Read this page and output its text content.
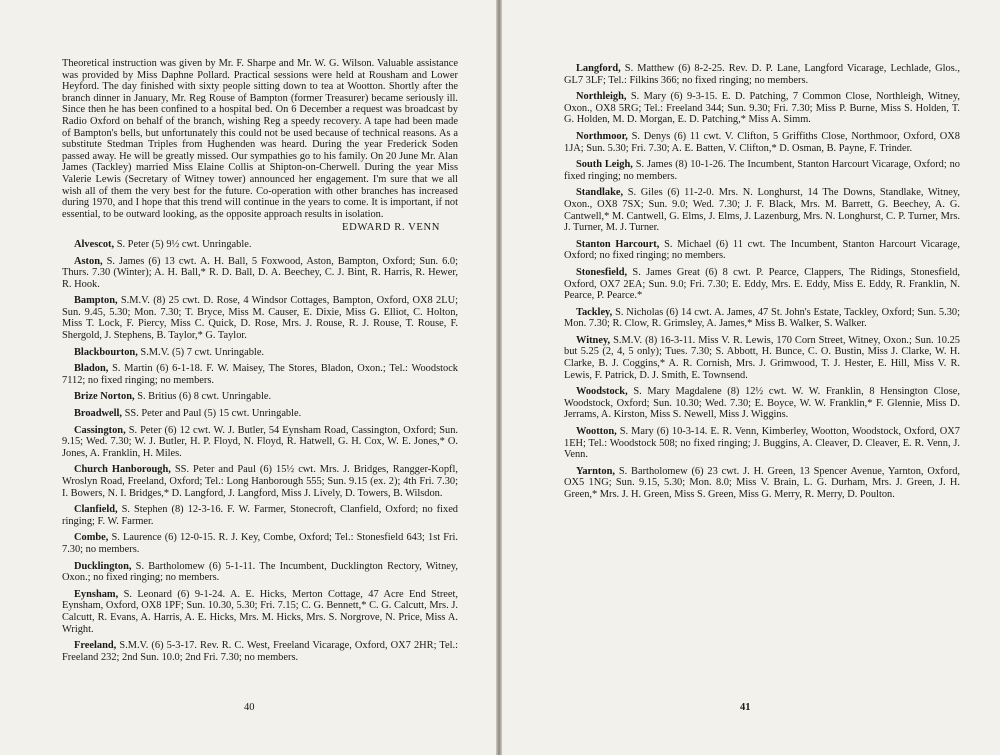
Theoretical instruction was given by Mr. F. Sharpe and Mr. W. G. Wilson. Valuable assistance was provided by Miss Daphne Pollard. Practical sessions were held at Rousham and Lower Heyford. The day finished with sixty people sitting down to tea at Wootton. Shortly after the branch dinner in January, Mr. Reg Rouse of Bampton (former Treasurer) became seriously ill. Since then he has been confined to a hospital bed. On 6 December a request was broadcast by Radio Oxford on behalf of the branch, wishing Reg a speedy recovery. A tape had been made of Bampton's bells, but unfortunately this could not be used because of technical reasons. As a substitute Stedman Triples from Hughenden was heard. During the year Frederick Soden passed away. He will be greatly missed. Our sympathies go to his family. On 20 June Mr. Alan James (Tackley) married Miss Elaine Collis at Shipton-on-Cherwell. During the year Miss Valerie Lewis (Secretary of Witney tower) announced her engagement. I'm sure that we all wish all of them the very best for the future. Co-operation with other branches has increased during 1970, and I hope that this trend will continue in the years to come. It is important, if not essential, to be outward looking, as the opposite approach results in isolation.

EDWARD R. VENN

Alvescot, S. Peter (5) 9½ cwt. Unringable.

Aston, S. James (6) 13 cwt. A. H. Ball, 5 Foxwood, Aston, Bampton, Oxford; Sun. 6.0; Thurs. 7.30 (Winter); A. H. Ball,* R. D. Ball, D. A. Beechey, C. J. Bint, R. Harris, R. Hewer, R. Hook.

Bampton, S.M.V. (8) 25 cwt. D. Rose, 4 Windsor Cottages, Bampton, Oxford, OX8 2LU; Sun. 9.45, 5.30; Mon. 7.30; T. Bryce, Miss M. Causer, E. Dixie, Miss G. Elliot, C. Holton, Miss T. Lock, F. Piercy, Miss C. Quick, D. Rose, Mrs. J. Rouse, R. J. Rouse, T. Rouse, F. Shergold, J. Stephens, B. Taylor,* G. Taylor.

Blackbourton, S.M.V. (5) 7 cwt. Unringable.

Bladon, S. Martin (6) 6-1-18. F. W. Maisey, The Stores, Bladon, Oxon.; Tel.: Woodstock 7112; no fixed ringing; no members.

Brize Norton, S. Britius (6) 8 cwt. Unringable.

Broadwell, SS. Peter and Paul (5) 15 cwt. Unringable.

Cassington, S. Peter (6) 12 cwt. W. J. Butler, 54 Eynsham Road, Cassington, Oxford; Sun. 9.15; Wed. 7.30; W. J. Butler, H. P. Floyd, N. Floyd, R. Hatwell, G. H. Cox, W. E. Jones,* O. Jones, A. Franklin, H. Miles.

Church Hanborough, SS. Peter and Paul (6) 15½ cwt. Mrs. J. Bridges, Rangger-Kopfl, Wroslyn Road, Freeland, Oxford; Tel.: Long Hanborough 555; Sun. 9.15 (ex. 2); 4th Fri. 7.30; I. Bowers, N. I. Bridges,* D. Langford, J. Langford, Miss J. Lively, D. Towers, B. Wilsdon.

Clanfield, S. Stephen (8) 12-3-16. F. W. Farmer, Stonecroft, Clanfield, Oxford; no fixed ringing; F. W. Farmer.

Combe, S. Laurence (6) 12-0-15. R. J. Key, Combe, Oxford; Tel.: Stonesfield 643; 1st Fri. 7.30; no members.

Ducklington, S. Bartholomew (6) 5-1-11. The Incumbent, Ducklington Rectory, Witney, Oxon.; no fixed ringing; no members.

Eynsham, S. Leonard (6) 9-1-24. A. E. Hicks, Merton Cottage, 47 Acre End Street, Eynsham, Oxford, OX8 1PF; Sun. 10.30, 5.30; Fri. 7.15; C. G. Bennett,* C. G. Calcutt, Mrs. J. Calcutt, R. Evans, A. Harris, A. E. Hicks, Mrs. M. Hicks, Mrs. S. Norgrove, N. Price, Miss A. Wright.

Freeland, S.M.V. (6) 5-3-17. Rev. R. C. West, Freeland Vicarage, Oxford, OX7 2HR; Tel.: Freeland 232; 2nd Sun. 10.0; 2nd Fri. 7.30; no members.

40

Langford, S. Matthew (6) 8-2-25. Rev. D. P. Lane, Langford Vicarage, Lechlade, Glos., GL7 3LF; Tel.: Filkins 366; no fixed ringing; no members.

Northleigh, S. Mary (6) 9-3-15. E. D. Patching, 7 Common Close, Northleigh, Witney, Oxon., OX8 5RG; Tel.: Freeland 344; Sun. 9.30; Fri. 7.30; Miss P. Burne, Miss S. Holden, T. G. Holden, M. D. Morgan, E. D. Patching,* Miss A. Simm.

Northmoor, S. Denys (6) 11 cwt. V. Clifton, 5 Griffiths Close, Northmoor, Oxford, OX8 1JA; Sun. 5.30; Fri. 7.30; A. E. Batten, V. Clifton,* D. Osman, B. Payne, F. Trinder.

South Leigh, S. James (8) 10-1-26. The Incumbent, Stanton Harcourt Vicarage, Oxford; no fixed ringing; no members.

Standlake, S. Giles (6) 11-2-0. Mrs. N. Longhurst, 14 The Downs, Standlake, Witney, Oxon., OX8 7SX; Sun. 9.0; Wed. 7.30; J. F. Black, Mrs. M. Barrett, G. Beechey, A. G. Cantwell,* M. Cantwell, G. Elms, J. Elms, J. Lazenburg, Mrs. N. Longhurst, C. P. Turner, Mrs. J. Turner, M. J. Turner.

Stanton Harcourt, S. Michael (6) 11 cwt. The Incumbent, Stanton Harcourt Vicarage, Oxford; no fixed ringing; no members.

Stonesfield, S. James Great (6) 8 cwt. P. Pearce, Clappers, The Ridings, Stonesfield, Oxford, OX7 2EA; Sun. 9.0; Fri. 7.30; E. Eddy, Mrs. E. Eddy, Miss E. Eddy, R. Franklin, N. Pearce, P. Pearce.*

Tackley, S. Nicholas (6) 14 cwt. A. James, 47 St. John's Estate, Tackley, Oxford; Sun. 5.30; Mon. 7.30; R. Clow, R. Grimsley, A. James,* Miss B. Walker, S. Walker.

Witney, S.M.V. (8) 16-3-11. Miss V. R. Lewis, 170 Corn Street, Witney, Oxon.; Sun. 10.25 but 5.25 (2, 4, 5 only); Tues. 7.30; S. Abbott, H. Bunce, C. O. Bustin, Miss J. Clarke, W. H. Clarke, B. J. Coggins,* A. R. Cornish, Mrs. J. Grimwood, T. J. Hester, E. Hill, Miss V. R. Lewis, F. Patrick, D. J. Smith, E. Townsend.

Woodstock, S. Mary Magdalene (8) 12½ cwt. W. W. Franklin, 8 Hensington Close, Woodstock, Oxford; Sun. 10.30; Wed. 7.30; E. Boyce, W. W. Franklin,* F. Glennie, Miss D. Jerrams, A. Kirston, Miss S. Newell, Miss J. Wiggins.

Wootton, S. Mary (6) 10-3-14. E. R. Venn, Kimberley, Wootton, Woodstock, Oxford, OX7 1EH; Tel.: Woodstock 508; no fixed ringing; J. Buggins, A. Cleaver, D. Cleaver, E. R. Venn, J. Venn.

Yarnton, S. Bartholomew (6) 23 cwt. J. H. Green, 13 Spencer Avenue, Yarnton, Oxford, OX5 1NG; Sun. 9.15, 5.30; Mon. 8.0; Miss V. Brain, L. G. Durham, Mrs. J. Green, J. H. Green,* Mrs. J. H. Green, Miss S. Green, Miss G. Merry, R. Merry, D. Poulton.

41
